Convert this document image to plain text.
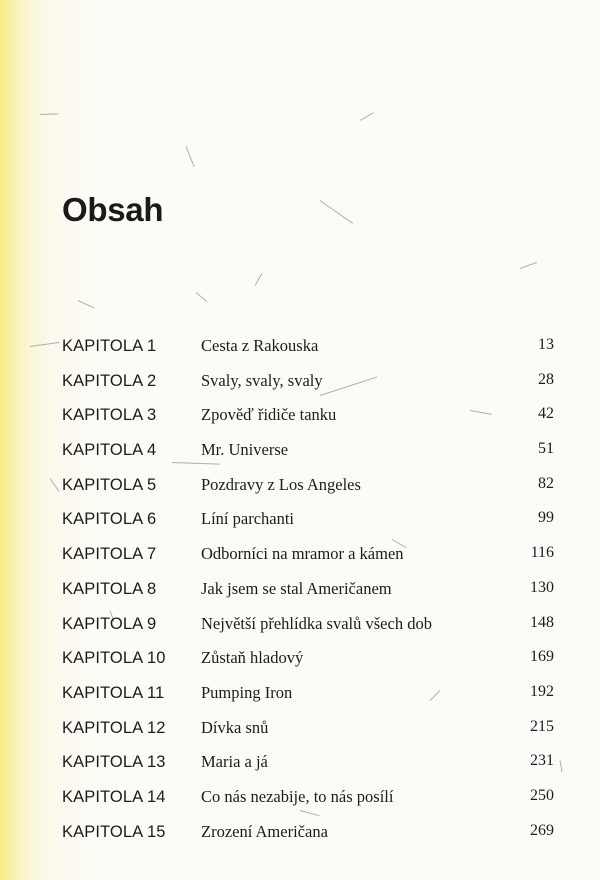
Obsah
KAPITOLA 1	Cesta z Rakouska	13
KAPITOLA 2	Svaly, svaly, svaly	28
KAPITOLA 3	Zpověď řidiče tanku	42
KAPITOLA 4	Mr. Universe	51
KAPITOLA 5	Pozdravy z Los Angeles	82
KAPITOLA 6	Líní parchanti	99
KAPITOLA 7	Odborníci na mramor a kámen	116
KAPITOLA 8	Jak jsem se stal Američanem	130
KAPITOLA 9	Největší přehlídka svalů všech dob	148
KAPITOLA 10 Zůstaň hladový	169
KAPITOLA 11 Pumping Iron	192
KAPITOLA 12 Dívka snů	215
KAPITOLA 13 Maria a já	231
KAPITOLA 14 Co nás nezabije, to nás posílí	250
KAPITOLA 15 Zrození Američana	269
